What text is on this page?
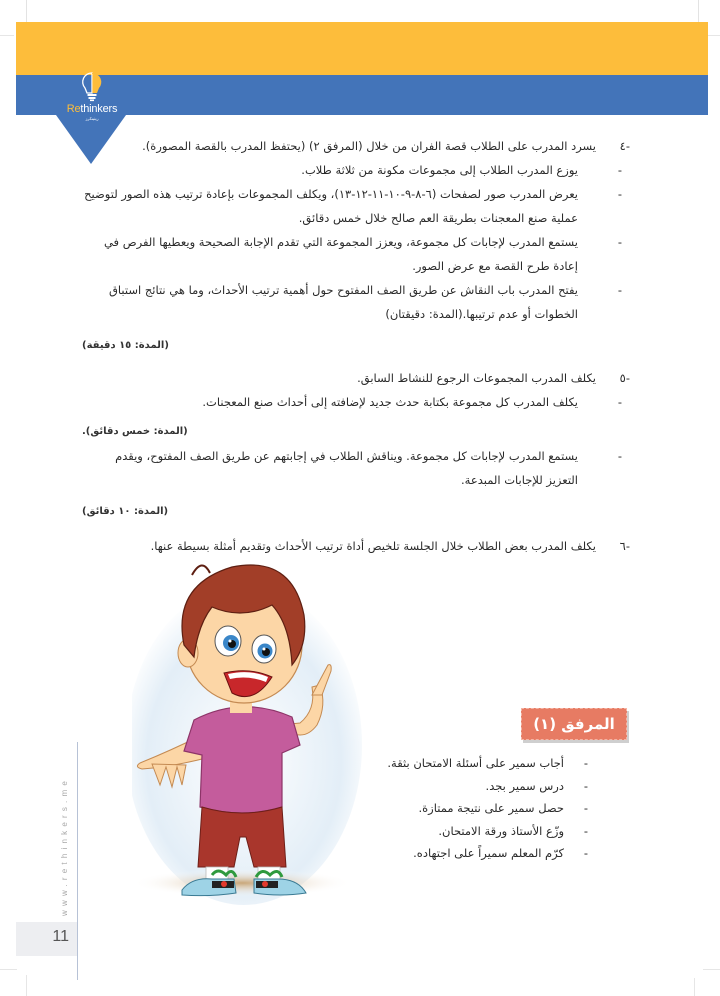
Rethinkers
ريثينكرز
-٤
يسرد المدرب على الطلاب قصة الفران من خلال (المرفق ٢) (يحتفظ المدرب بالقصة المصورة).
- يوزع المدرب الطلاب إلى مجموعات مكونة من ثلاثة طلاب.
- يعرض المدرب صور لصفحات (٦-٨-٩-١٠-١١-١٢-١٣)، ويكلف المجموعات بإعادة ترتيب هذه الصور لتوضيح عملية صنع المعجنات بطريقة العم صالح خلال خمس دقائق.
- يستمع المدرب لإجابات كل مجموعة، ويعزز المجموعة التي تقدم الإجابة الصحيحة ويعطيها الفرص في إعادة طرح القصة مع عرض الصور.
- يفتح المدرب باب النقاش عن طريق الصف المفتوح حول أهمية ترتيب الأحداث، وما هي نتائج استباق الخطوات أو عدم ترتيبها.(المدة: دقيقتان)
(المدة: ١٥ دقيقة)
-٥
يكلف المدرب المجموعات الرجوع للنشاط السابق.
- يكلف المدرب كل مجموعة بكتابة حدث جديد لإضافته إلى أحداث صنع المعجنات.
(المدة: خمس دقائق).
- يستمع المدرب لإجابات كل مجموعة. ويناقش الطلاب في إجابتهم عن طريق الصف المفتوح، ويقدم التعزيز للإجابات المبدعة.
(المدة: ١٠ دقائق)
-٦
يكلف المدرب بعض الطلاب خلال الجلسة تلخيص أداة ترتيب الأحداث وتقديم أمثلة بسيطة عنها.
المرفق (١)
- أجاب سمير على أسئلة الامتحان بثقة.
- درس سمير بجد.
- حصل سمير على نتيجة ممتازة.
- وزّع الأستاذ ورقة الامتحان.
- كرّم المعلم سميراً على اجتهاده.
www.rethinkers.me
11
